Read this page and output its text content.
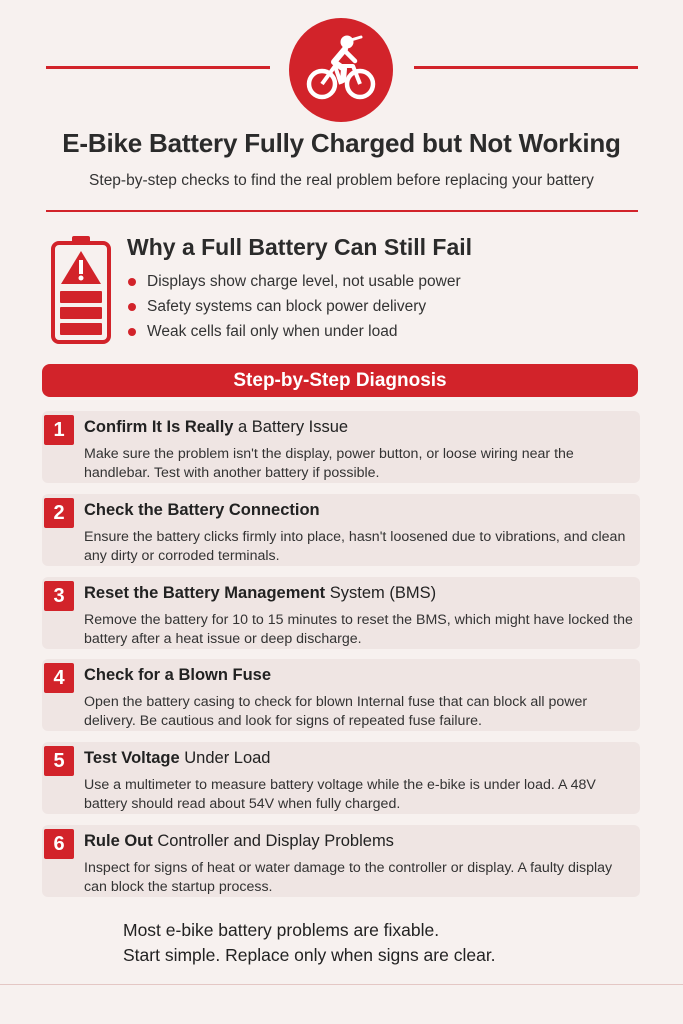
E-Bike Battery Fully Charged but Not Working
Step-by-step checks to find the real problem before replacing your battery
Why a Full Battery Can Still Fail
Displays show charge level, not usable power
Safety systems can block power delivery
Weak cells fail only when under load
Step-by-Step Diagnosis
1	Confirm It Is Really a Battery Issue
Make sure the problem isn't the display, power button, or loose wiring near the handlebar. Test with another battery if possible.
2	Check the Battery Connection
Ensure the battery clicks firmly into place, hasn't loosened due to vibrations, and clean any dirty or corroded terminals.
3	Reset the Battery Management System (BMS)
Remove the battery for 10 to 15 minutes to reset the BMS, which might have locked the battery after a heat issue or deep discharge.
4	Check for a Blown Fuse
Open the battery casing to check for blown Internal fuse that can block all power delivery. Be cautious and look for signs of repeated fuse failure.
5	Test Voltage Under Load
Use a multimeter to measure battery voltage while the e-bike is under load. A 48V battery should read about 54V when fully charged.
6	Rule Out Controller and Display Problems
Inspect for signs of heat or water damage to the controller or display. A faulty display can block the startup process.
Most e-bike battery problems are fixable.
Start simple. Replace only when signs are clear.
